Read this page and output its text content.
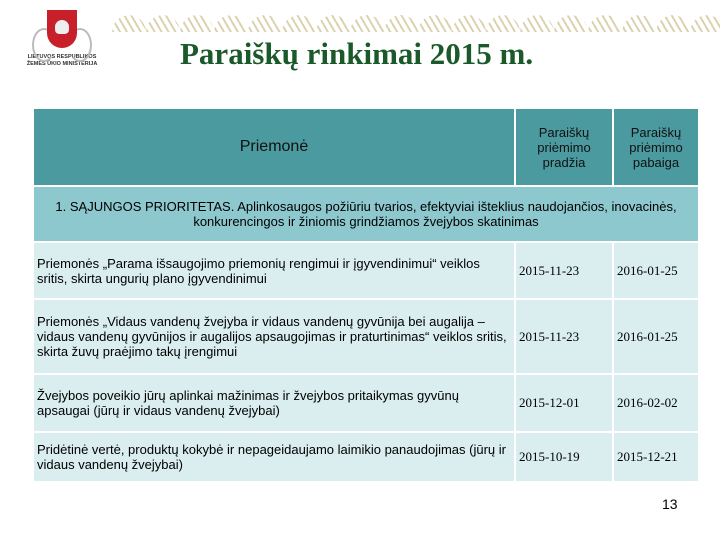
LIETUVOS RESPUBLIKOS
ŽEMĖS ŪKIO MINISTERIJA	Paraiškų rinkimai 2015 m.
Priemonė	Paraiškų priėmimo pradžia	Paraiškų priėmimo pabaiga
1. SĄJUNGOS PRIORITETAS. Aplinkosaugos požiūriu tvarios, efektyviai išteklius naudojančios, inovacinės, konkurencingos ir žiniomis grindžiamos žvejybos skatinimas		
Priemonės „Parama išsaugojimo priemonių rengimui ir įgyvendinimui“ veiklos sritis, skirta ungurių plano įgyvendinimui	2015-11-23	2016-01-25
Priemonės „Vidaus vandenų žvejyba ir vidaus vandenų gyvūnija bei augalija – vidaus vandenų gyvūnijos ir augalijos apsaugojimas ir praturtinimas“ veiklos sritis, skirta žuvų praėjimo takų įrengimui	2015-11-23	2016-01-25
Žvejybos poveikio jūrų aplinkai mažinimas ir žvejybos pritaikymas gyvūnų apsaugai (jūrų ir vidaus vandenų žvejybai)	2015-12-01	2016-02-02
Pridėtinė vertė, produktų kokybė ir nepageidaujamo laimikio panaudojimas (jūrų ir vidaus vandenų žvejybai)	2015-10-19	2015-12-21
13
